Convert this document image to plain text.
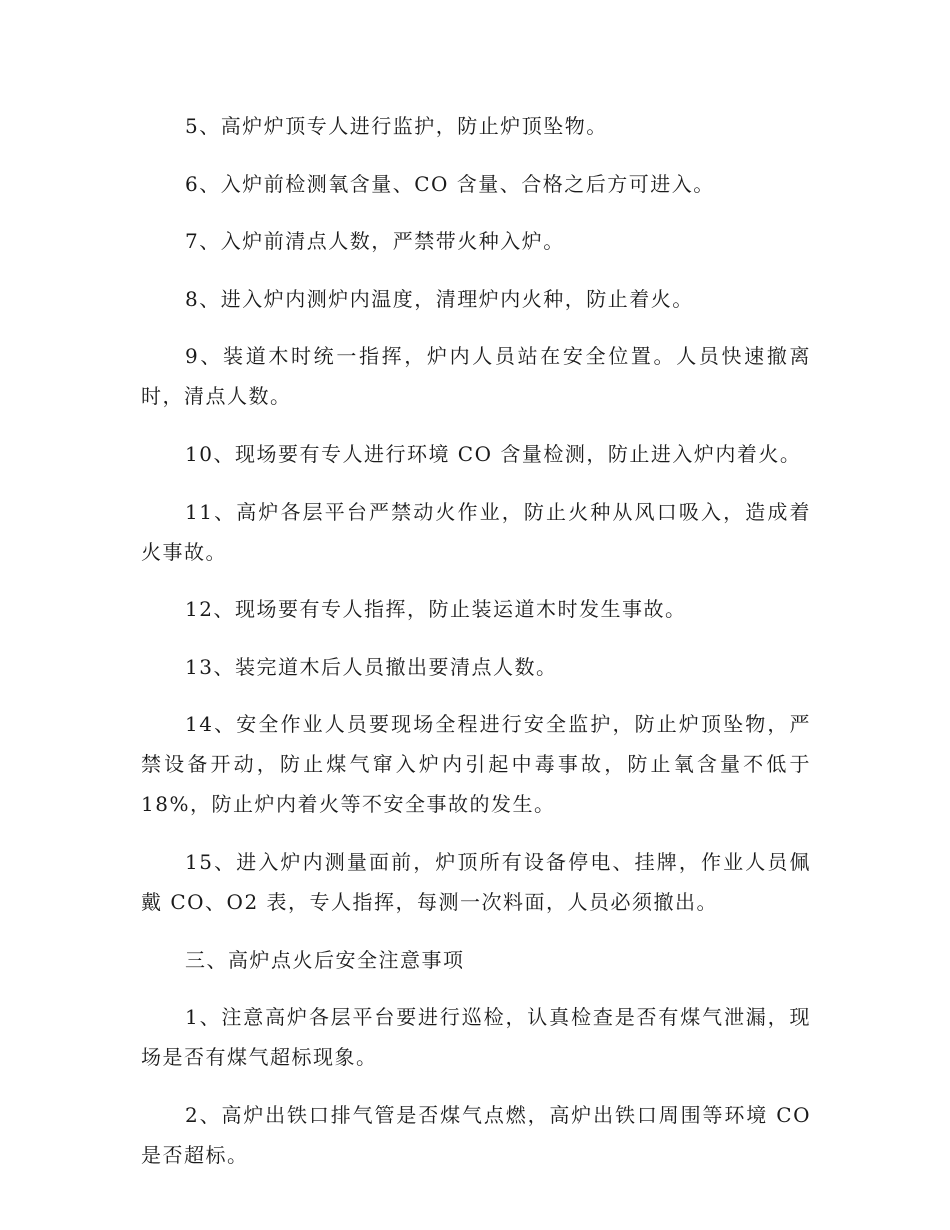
5、高炉炉顶专人进行监护，防止炉顶坠物。

6、入炉前检测氧含量、CO 含量、合格之后方可进入。

7、入炉前清点人数，严禁带火种入炉。

8、进入炉内测炉内温度，清理炉内火种，防止着火。

9、装道木时统一指挥，炉内人员站在安全位置。人员快速撤离时，清点人数。

10、现场要有专人进行环境 CO 含量检测，防止进入炉内着火。

11、高炉各层平台严禁动火作业，防止火种从风口吸入，造成着火事故。

12、现场要有专人指挥，防止装运道木时发生事故。

13、装完道木后人员撤出要清点人数。

14、安全作业人员要现场全程进行安全监护，防止炉顶坠物，严禁设备开动，防止煤气窜入炉内引起中毒事故，防止氧含量不低于 18%，防止炉内着火等不安全事故的发生。

15、进入炉内测量面前，炉顶所有设备停电、挂牌，作业人员佩戴 CO、O2 表，专人指挥，每测一次料面，人员必须撤出。

三、高炉点火后安全注意事项

1、注意高炉各层平台要进行巡检，认真检查是否有煤气泄漏，现场是否有煤气超标现象。

2、高炉出铁口排气管是否煤气点燃，高炉出铁口周围等环境 CO 是否超标。
